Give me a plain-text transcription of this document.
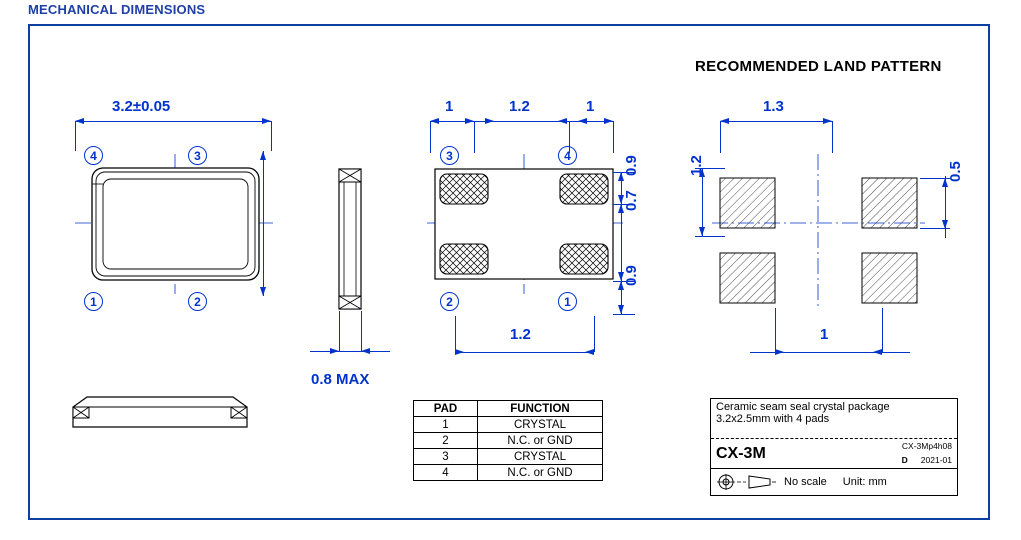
MECHANICAL DIMENSIONS
3.2±0.05
4	3
1	2
0.8 MAX
1	1.2	1
3	4
2	1
0.9
0.7
0.9
1.2
RECOMMENDED LAND PATTERN
1.3
1.2	0.5
1
PAD	FUNCTION
1	CRYSTAL
2	N.C. or GND
3	CRYSTAL
4	N.C. or GND
Ceramic seam seal crystal package
3.2x2.5mm with 4 pads
CX-3M	CX-3Mp4h08
D 2021-01
No scale Unit: mm
